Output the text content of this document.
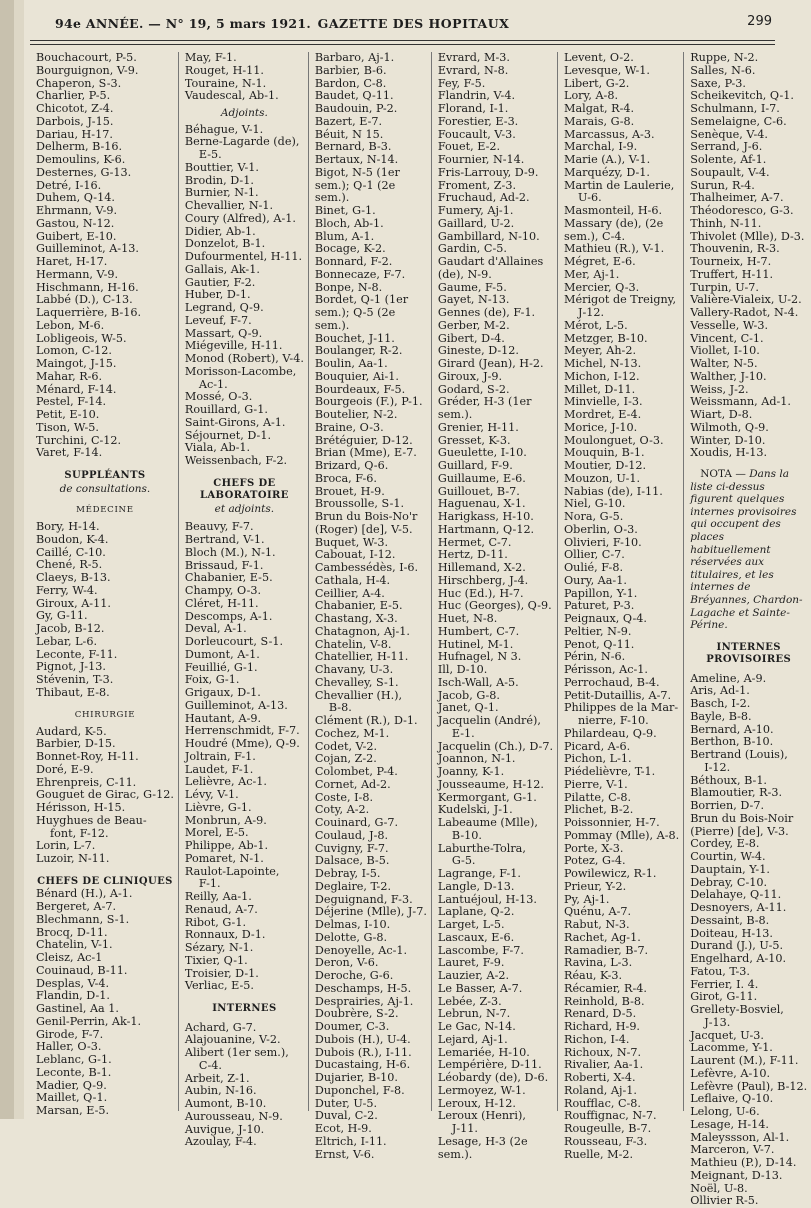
94e ANNÉE. — N° 19, 5 mars 1921. GAZETTE DES HOPITAUX	299
Bouchacourt, P-5.
Bourguignon, V-9.
Chaperon, S-3.
Charlier, P-5.
Chicotot, Z-4.
Darbois, J-15.
Dariau, H-17.
Delherm, B-16.
Demoulins, K-6.
Desternes, G-13.
Detré, I-16.
Duhem, Q-14.
Ehrmann, V-9.
Gastou, N-12.
Guibert, E-10.
Guilleminot, A-13.
Haret, H-17.
Hermann, V-9.
Hischmann, H-16.
Labbé (D.), C-13.
Laquerrière, B-16.
Lebon, M-6.
Lobligeois, W-5.
Lomon, C-12.
Maingot, J-15.
Mahar, R-6.
Ménard, F-14.
Pestel, F-14.
Petit, E-10.
Tison, W-5.
Turchini, C-12.
Varet, F-14.
SUPPLÉANTS
de consultations.
MÉDECINE
Bory, H-14.
Boudon, K-4.
Caillé, C-10.
Chené, R-5.
Claeys, B-13.
Ferry, W-4.
Giroux, A-11.
Gy, G-11.
Jacob, B-12.
Lebar, L-6.
Leconte, F-11.
Pignot, J-13.
Stévenin, T-3.
Thibaut, E-8.
CHIRURGIE
Audard, K-5.
Barbier, D-15.
Bonnet-Roy, H-11.
Doré, E-9.
Ehrenpreis, C-11.
Gouguet de Girac, G-12.
Hérisson, H-15.
Huyghues de Beau-
font, F-12.
Lorin, L-7.
Luzoir, N-11.
CHEFS DE CLINIQUES
Bénard (H.), A-1.
Bergeret, A-7.
Blechmann, S-1.
Brocq, D-11.
Chatelin, V-1.
Cleisz, Ac-1
Couinaud, B-11.
Desplas, V-4.
Flandin, D-1.
Gastinel, Aa 1.
Genil-Perrin, Ak-1.
Girode, F-7.
Haller, O-3.
Leblanc, G-1.
Leconte, B-1.
Madier, Q-9.
Maillet, Q-1.
Marsan, E-5.
May, F-1.
Rouget, H-11.
Touraine, N-1.
Vaudescal, Ab-1.
Adjoints.
Béhague, V-1.
Berne-Lagarde (de),
E-5.
Bouttier, V-1.
Brodin, D-1.
Burnier, N-1.
Chevallier, N-1.
Coury (Alfred), A-1.
Didier, Ab-1.
Donzelot, B-1.
Dufourmentel, H-11.
Gallais, Ak-1.
Gautier, F-2.
Huber, D-1.
Legrand, Q-9.
Leveuf, F-7.
Massart, Q-9.
Miégeville, H-11.
Monod (Robert), V-4.
Morisson-Lacombe,
Ac-1.
Mossé, O-3.
Rouillard, G-1.
Saint-Girons, A-1.
Séjournet, D-1.
Viala, Ab-1.
Weissenbach, F-2.
CHEFS DE LABORATOIRE
et adjoints.
Beauvy, F-7.
Bertrand, V-1.
Bloch (M.), N-1.
Brissaud, F-1.
Chabanier, E-5.
Champy, O-3.
Cléret, H-11.
Descomps, A-1.
Deval, A-1.
Dorleucourt, S-1.
Dumont, A-1.
Feuillié, G-1.
Foix, G-1.
Grigaux, D-1.
Guilleminot, A-13.
Hautant, A-9.
Herrenschmidt, F-7.
Houdré (Mme), Q-9.
Joltrain, F-1.
Laudet, F-1.
Lelièvre, Ac-1.
Lévy, V-1.
Lièvre, G-1.
Monbrun, A-9.
Morel, E-5.
Philippe, Ab-1.
Pomaret, N-1.
Raulot-Lapointe,
F-1.
Reilly, Aa-1.
Renaud, A-7.
Ribot, G-1.
Ronnaux, D-1.
Sézary, N-1.
Tixier, Q-1.
Troisier, D-1.
Verliac, E-5.
INTERNES
Achard, G-7.
Alajouanine, V-2.
Alibert (1er sem.),
C-4.
Arbeit, Z-1.
Aubin, N-16.
Aumont, B-10.
Aurousseau, N-9.
Auvigue, J-10.
Azoulay, F-4.
Barbaro, Aj-1.
Barbier, B-6.
Bardon, C-8.
Baudet, Q-11.
Baudouin, P-2.
Bazert, E-7.
Béuit, N 15.
Bernard, B-3.
Bertaux, N-14.
Bigot, N-5 (1er
sem.); Q-1 (2e
sem.).
Binet, G-1.
Bloch, Ab-1.
Blum, A-1.
Bocage, K-2.
Bonnard, F-2.
Bonnecaze, F-7.
Bonpe, N-8.
Bordet, Q-1 (1er
sem.); Q-5 (2e
sem.).
Bouchet, J-11.
Boulanger, R-2.
Boulin, Aa-1.
Bouquier, Ai-1.
Bourdeaux, F-5.
Bourgeois (F.), P-1.
Boutelier, N-2.
Braine, O-3.
Brétéguier, D-12.
Brian (Mme), E-7.
Brizard, Q-6.
Broca, F-6.
Brouet, H-9.
Broussolle, S-1.
Brun du Bois-No'r
(Roger) [de], V-5.
Buquet, W-3.
Cabouat, I-12.
Cambessédès, I-6.
Cathala, H-4.
Ceillier, A-4.
Chabanier, E-5.
Chastang, X-3.
Chatagnon, Aj-1.
Chatelin, V-8.
Chatellier, H-11.
Chavany, U-3.
Chevalley, S-1.
Chevallier (H.),
B-8.
Clément (R.), D-1.
Cochez, M-1.
Codet, V-2.
Cojan, Z-2.
Colombet, P-4.
Cornet, Ad-2.
Coste, I-8.
Coty, A-2.
Couinard, G-7.
Coulaud, J-8.
Cuvigny, F-7.
Dalsace, B-5.
Debray, I-5.
Deglaire, T-2.
Deguignand, F-3.
Déjerine (Mlle), J-7.
Delmas, I-10.
Delotte, G-8.
Denoyelle, Ac-1.
Deron, V-6.
Deroche, G-6.
Deschamps, H-5.
Desprairies, Aj-1.
Doubrère, S-2.
Doumer, C-3.
Dubois (H.), U-4.
Dubois (R.), I-11.
Ducastaing, H-6.
Dujarier, B-10.
Duponchel, F-8.
Duter, U-5.
Duval, C-2.
Ecot, H-9.
Eltrich, I-11.
Ernst, V-6.
Evrard, M-3.
Evrard, N-8.
Fey, F-5.
Flandrin, V-4.
Florand, I-1.
Forestier, E-3.
Foucault, V-3.
Fouet, E-2.
Fournier, N-14.
Fris-Larrouy, D-9.
Froment, Z-3.
Fruchaud, Ad-2.
Fumery, Aj-1.
Gaillard, U-2.
Gambillard, N-10.
Gardin, C-5.
Gaudart d'Allaines
(de), N-9.
Gaume, F-5.
Gayet, N-13.
Gennes (de), F-1.
Gerber, M-2.
Gibert, D-4.
Gineste, D-12.
Girard (Jean), H-2.
Giroux, J-9.
Godard, S-2.
Gréder, H-3 (1er
sem.).
Grenier, H-11.
Gresset, K-3.
Gueulette, I-10.
Guillard, F-9.
Guillaume, E-6.
Guillouet, B-7.
Haguenau, X-1.
Harigkass, H-10.
Hartmann, Q-12.
Hermet, C-7.
Hertz, D-11.
Hillemand, X-2.
Hirschberg, J-4.
Huc (Ed.), H-7.
Huc (Georges), Q-9.
Huet, N-8.
Humbert, C-7.
Hutinel, M-1.
Hufnagel, N 3.
Ill, D-10.
Isch-Wall, A-5.
Jacob, G-8.
Janet, Q-1.
Jacquelin (André),
E-1.
Jacquelin (Ch.), D-7.
Joannon, N-1.
Joanny, K-1.
Jousseaume, H-12.
Kermorgant, G-1.
Kudelski, J-1.
Labeaume (Mlle),
B-10.
Laburthe-Tolra,
G-5.
Lagrange, F-1.
Langle, D-13.
Lantuéjoul, H-13.
Laplane, Q-2.
Larget, L-5.
Lascaux, E-6.
Lascombe, F-7.
Lauret, F-9.
Lauzier, A-2.
Le Basser, A-7.
Lebée, Z-3.
Lebrun, N-7.
Le Gac, N-14.
Lejard, Aj-1.
Lemariée, H-10.
Lempérière, D-11.
Léobardy (de), D-6.
Lermoyez, W-1.
Leroux, H-12.
Leroux (Henri),
J-11.
Lesage, H-3 (2e
sem.).
Levent, O-2.
Levesque, W-1.
Libert, G-2.
Lory, A-8.
Malgat, R-4.
Marais, G-8.
Marcassus, A-3.
Marchal, I-9.
Marie (A.), V-1.
Marquézy, D-1.
Martin de Laulerie,
U-6.
Masmonteil, H-6.
Massary (de), (2e
sem.), C-4.
Mathieu (R.), V-1.
Mégret, E-6.
Mer, Aj-1.
Mercier, Q-3.
Mérigot de Treigny,
J-12.
Mérot, L-5.
Metzger, B-10.
Meyer, Ah-2.
Michel, N-13.
Michon, I-12.
Millet, D-11.
Minvielle, I-3.
Mordret, E-4.
Morice, J-10.
Moulonguet, O-3.
Mouquin, B-1.
Moutier, D-12.
Mouzon, U-1.
Nabias (de), I-11.
Niel, G-10.
Nora, G-5.
Oberlin, O-3.
Olivieri, F-10.
Ollier, C-7.
Oulié, F-8.
Oury, Aa-1.
Papillon, Y-1.
Paturet, P-3.
Peignaux, Q-4.
Peltier, N-9.
Penot, Q-11.
Périn, N-6.
Périsson, Ac-1.
Perrochaud, B-4.
Petit-Dutaillis, A-7.
Philippes de la Mar-
nierre, F-10.
Philardeau, Q-9.
Picard, A-6.
Pichon, L-1.
Piédelièvre, T-1.
Pierre, V-1.
Pilatte, C-8.
Plichet, B-2.
Poissonnier, H-7.
Pommay (Mlle), A-8.
Porte, X-3.
Potez, G-4.
Powilewicz, R-1.
Prieur, Y-2.
Py, Aj-1.
Quénu, A-7.
Rabut, N-3.
Rachet, Ag-1.
Ramadier, B-7.
Ravina, L-3.
Réau, K-3.
Récamier, R-4.
Reinhold, B-8.
Renard, D-5.
Richard, H-9.
Richon, I-4.
Richoux, N-7.
Rivalier, Aa-1.
Roberti, X-4.
Roland, Aj-1.
Roufflac, C-8.
Rouffignac, N-7.
Rougeulle, B-7.
Rousseau, F-3.
Ruelle, M-2.
Ruppe, N-2.
Salles, N-6.
Saxe, P-3.
Scheikevitch, Q-1.
Schulmann, I-7.
Semelaigne, C-6.
Senèque, V-4.
Serrand, J-6.
Solente, Af-1.
Soupault, V-4.
Surun, R-4.
Thalheimer, A-7.
Théodoresco, G-3.
Thinh, N-11.
Thivolet (Mlle), D-3.
Thouvenin, R-3.
Tourneix, H-7.
Truffert, H-11.
Turpin, U-7.
Valière-Vialeix, U-2.
Vallery-Radot, N-4.
Vesselle, W-3.
Vincent, C-1.
Viollet, I-10.
Walter, N-5.
Walther, J-10.
Weiss, J-2.
Weissmann, Ad-1.
Wiart, D-8.
Wilmoth, Q-9.
Winter, D-10.
Xoudis, H-13.
NOTA — Dans la liste ci-dessus figurent quelques internes provisoires qui occupent des places habituellement réservées aux titulaires, et les internes de Bréyannes, Chardon-Lagache et Sainte-Périne.
INTERNES PROVISOIRES
Ameline, A-9.
Aris, Ad-1.
Basch, I-2.
Bayle, B-8.
Bernard, A-10.
Berthon, B-10.
Bertrand (Louis),
I-12.
Béthoux, B-1.
Blamoutier, R-3.
Borrien, D-7.
Brun du Bois-Noir
(Pierre) [de], V-3.
Cordey, E-8.
Courtin, W-4.
Dauptain, Y-1.
Debray, C-10.
Delahaye, Q-11.
Desnoyers, A-11.
Dessaint, B-8.
Doiteau, H-13.
Durand (J.), U-5.
Engelhard, A-10.
Fatou, T-3.
Ferrier, I. 4.
Girot, G-11.
Grellety-Bosviel,
J-13.
Jacquet, U-3.
Lacomme, Y-1.
Laurent (M.), F-11.
Lefèvre, A-10.
Lefèvre (Paul), B-12.
Leflaive, Q-10.
Lelong, U-6.
Lesage, H-14.
Maleyssson, Al-1.
Marceron, V-7.
Mathieu (P.), D-14.
Meignant, D-13.
Noël, U-8.
Ollivier R-5.
